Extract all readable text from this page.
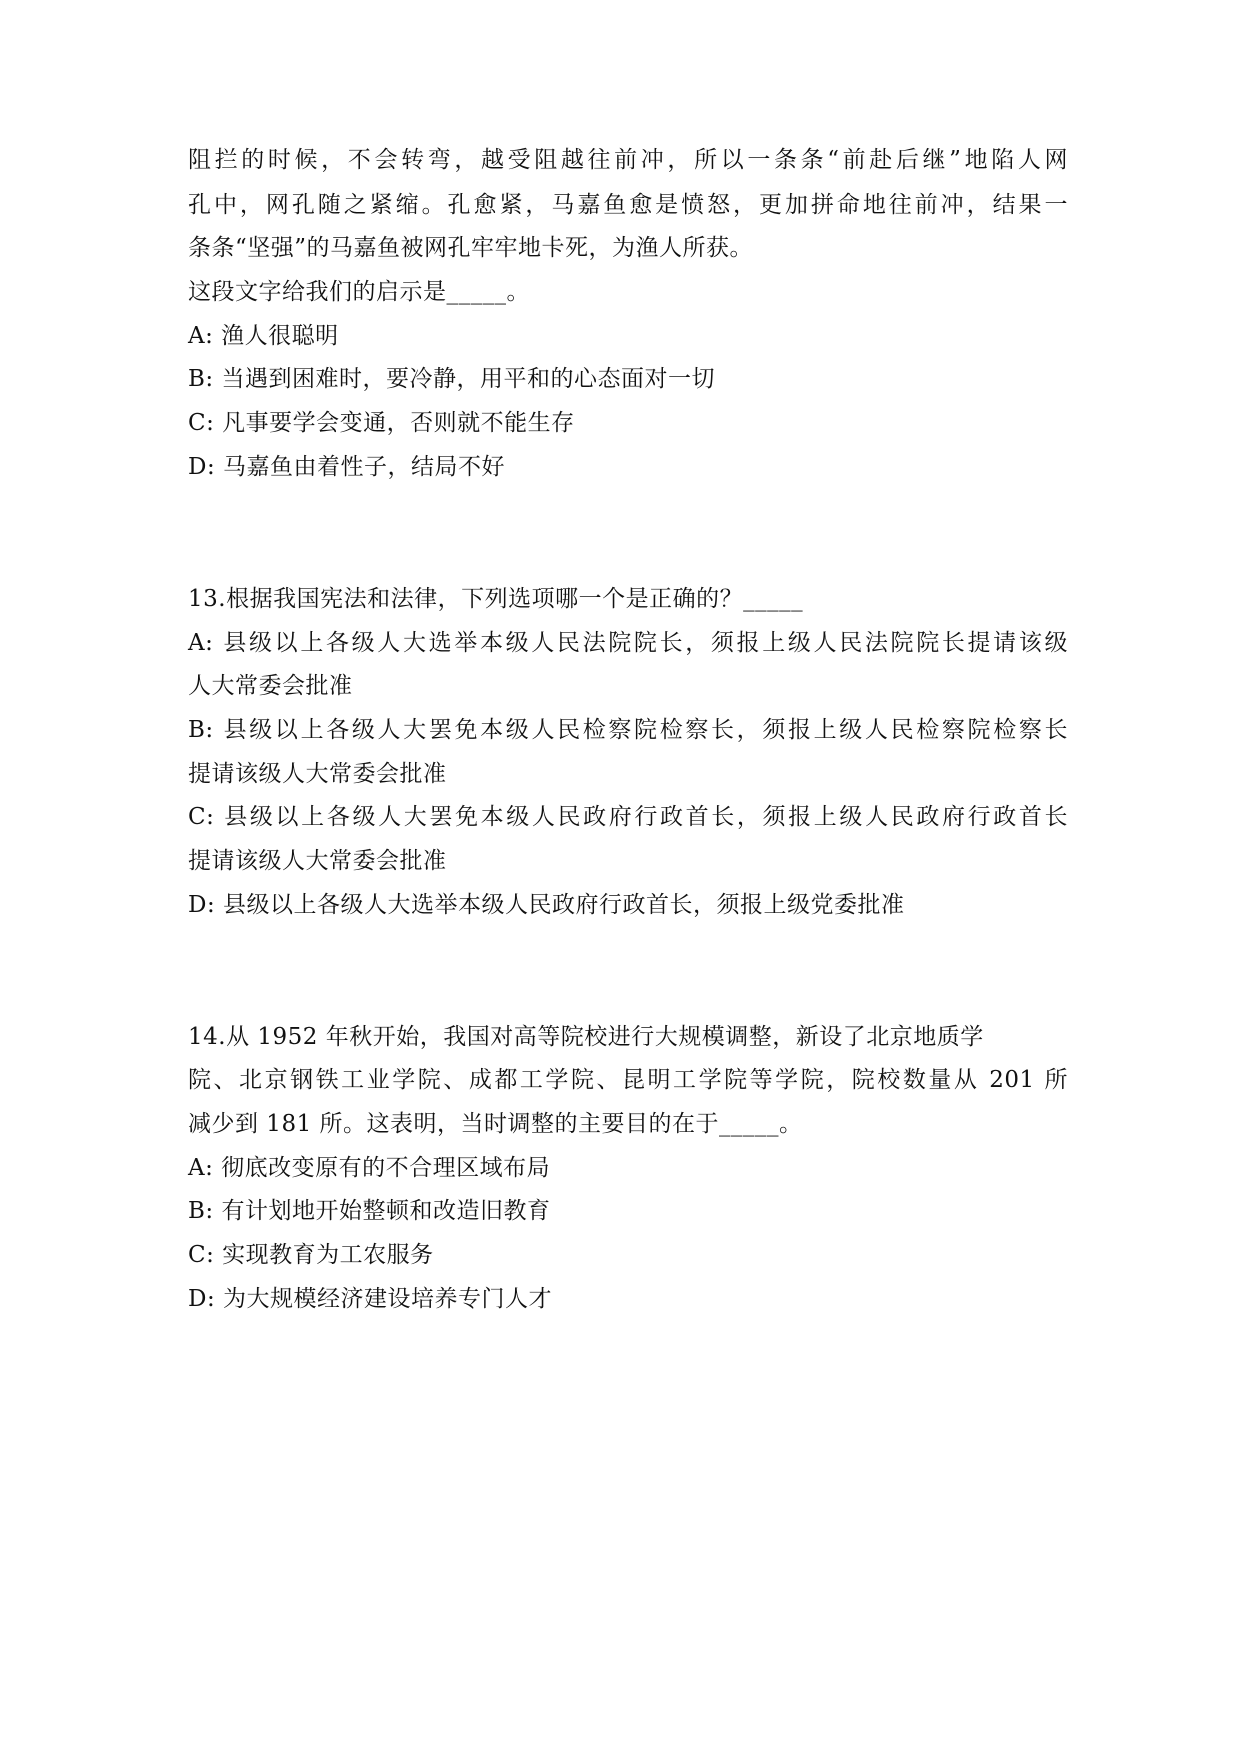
阻拦的时候，不会转弯，越受阻越往前冲，所以一条条“前赴后继”地陷人网
孔中，网孔随之紧缩。孔愈紧，马嘉鱼愈是愤怒，更加拼命地往前冲，结果一
条条“坚强”的马嘉鱼被网孔牢牢地卡死，为渔人所获。
这段文字给我们的启示是_____。
A: 渔人很聪明
B: 当遇到困难时，要冷静，用平和的心态面对一切
C: 凡事要学会变通，否则就不能生存
D: 马嘉鱼由着性子，结局不好
13.根据我国宪法和法律，下列选项哪一个是正确的？_____
A: 县级以上各级人大选举本级人民法院院长，须报上级人民法院院长提请该级
人大常委会批准
B: 县级以上各级人大罢免本级人民检察院检察长，须报上级人民检察院检察长
提请该级人大常委会批准
C: 县级以上各级人大罢免本级人民政府行政首长，须报上级人民政府行政首长
提请该级人大常委会批准
D: 县级以上各级人大选举本级人民政府行政首长，须报上级党委批准
14.从 1952 年秋开始，我国对高等院校进行大规模调整，新设了北京地质学
院、北京钢铁工业学院、成都工学院、昆明工学院等学院，院校数量从 201 所
减少到 181 所。这表明，当时调整的主要目的在于_____。
A: 彻底改变原有的不合理区域布局
B: 有计划地开始整顿和改造旧教育
C: 实现教育为工农服务
D: 为大规模经济建设培养专门人才
